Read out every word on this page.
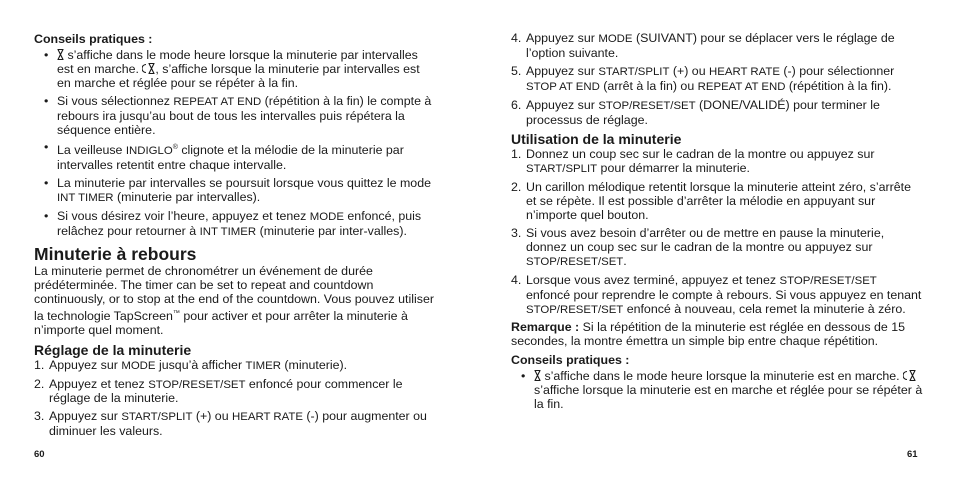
Conseils pratiques :
• s’affiche dans le mode heure lorsque la minuterie par intervalles est en marche. , s’affiche lorsque la minuterie par intervalles est en marche et réglée pour se répéter à la fin.
• Si vous sélectionnez REPEAT AT END (répétition à la fin) le compte à rebours ira jusqu’au bout de tous les intervalles puis répétera la séquence entière.
• La veilleuse INDIGLO® clignote et la mélodie de la minuterie par intervalles retentit entre chaque intervalle.
• La minuterie par intervalles se poursuit lorsque vous quittez le mode INT TIMER (minuterie par intervalles).
• Si vous désirez voir l’heure, appuyez et tenez MODE enfoncé, puis relâchez pour retourner à INT TIMER (minuterie par inter-valles).
Minuterie à rebours
La minuterie permet de chronométrer un événement de durée prédéterminée. The timer can be set to repeat and countdown continuously, or to stop at the end of the countdown. Vous pouvez utiliser la technologie TapScreen™ pour activer et pour arrêter la minuterie à n’importe quel moment.
Réglage de la minuterie
1. Appuyez sur MODE jusqu’à afficher TIMER (minuterie).
2. Appuyez et tenez STOP/RESET/SET enfoncé pour commencer le réglage de la minuterie.
3. Appuyez sur START/SPLIT (+) ou HEART RATE (-) pour augmenter ou diminuer les valeurs.
60
4. Appuyez sur MODE (SUIVANT) pour se déplacer vers le réglage de l’option suivante.
5. Appuyez sur START/SPLIT (+) ou HEART RATE (-) pour sélectionner STOP AT END (arrêt à la fin) ou REPEAT AT END (répétition à la fin).
6. Appuyez sur STOP/RESET/SET (DONE/VALIDÉ) pour terminer le processus de réglage.
Utilisation de la minuterie
1. Donnez un coup sec sur le cadran de la montre ou appuyez sur START/SPLIT pour démarrer la minuterie.
2. Un carillon mélodique retentit lorsque la minuterie atteint zéro, s’arrête et se répète. Il est possible d’arrêter la mélodie en appuyant sur n’importe quel bouton.
3. Si vous avez besoin d’arrêter ou de mettre en pause la minuterie, donnez un coup sec sur le cadran de la montre ou appuyez sur STOP/RESET/SET.
4. Lorsque vous avez terminé, appuyez et tenez STOP/RESET/SET enfoncé pour reprendre le compte à rebours. Si vous appuyez en tenant STOP/RESET/SET enfoncé à nouveau, cela remet la minuterie à zéro.
Remarque : Si la répétition de la minuterie est réglée en dessous de 15 secondes, la montre émettra un simple bip entre chaque répétition.
Conseils pratiques :
• s’affiche dans le mode heure lorsque la minuterie est en marche.  s’affiche lorsque la minuterie est en marche et réglée pour se répéter à la fin.
61
